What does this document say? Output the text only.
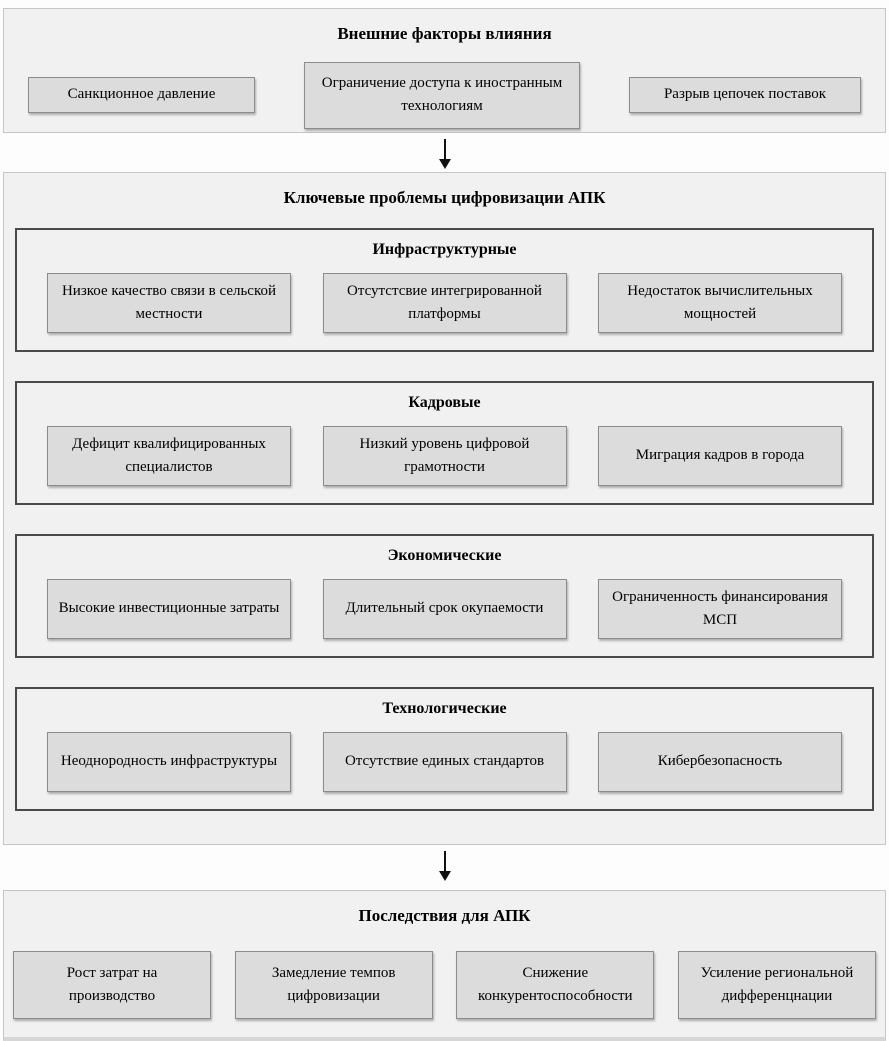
Внешние факторы влияния
Санкционное давление
Ограничение доступа к иностранным технологиям
Разрыв цепочек поставок
Ключевые проблемы цифровизации АПК
Инфраструктурные
Низкое качество связи в сельской местности
Отсутстсвие интегрированной платформы
Недостаток вычислительных мощностей
Кадровые
Дефицит квалифицированных специалистов
Низкий уровень цифровой грамотности
Миграция кадров в города
Экономические
Высокие инвестиционные затраты	Длительный срок окупаемости
Ограниченность финансирования МСП
Технологические
Неоднородность инфраструктуры	Отсутствие единых стандартов	Кибербезопасность
Последствия для АПК
Рост затрат на производство
Замедление темпов цифровизации
Снижение конкурентоспособности
Усиление региональной дифференцнации
